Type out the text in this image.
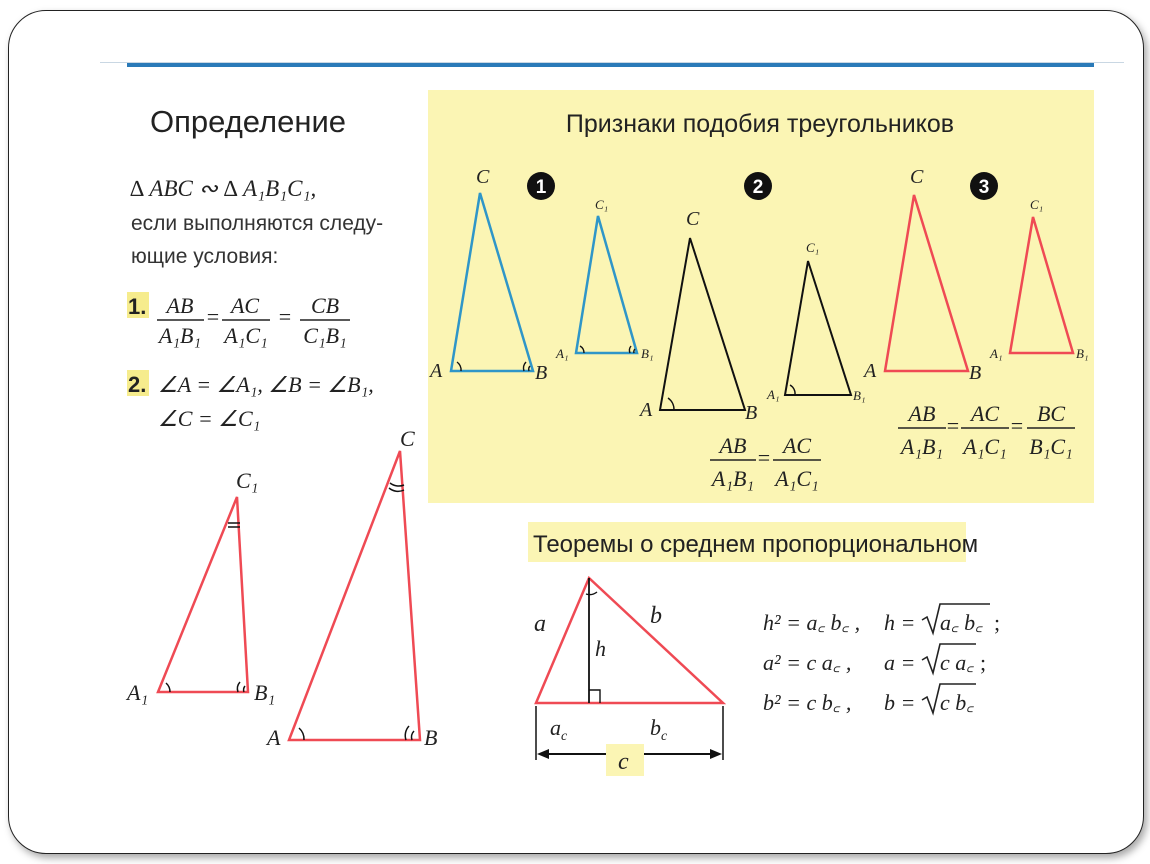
Определение
∆ ABC ∾ ∆ A₁B₁C₁,
если выполняются следу-
ющие условия:
1. AB
A₁B₁
= AC
A₁C₁
= CB
C₁B₁
2. ∠A = ∠A₁, ∠B = ∠B₁,
∠C = ∠C₁
A₁	B₁
C₁
A	B
C
Признаки подобия треугольников
1	2	3
A	B
C
A₁	B₁
C₁
A	B
C
A₁	B₁
C₁
AB
A₁B₁
= AC
A₁C₁
A	B
C
A₁	B₁
C₁
AB
A₁B₁
= AC
A₁C₁
= BC
B₁C₁
Теоремы о среднем пропорциональном
a	b
h
$a_c$	$b_c$
c
h² = a꜀ b꜀ ,
a² = c a꜀ ,
b² = c b꜀ ,
h = a꜀ b꜀ ;
a = c a꜀ ;
b = c b꜀
